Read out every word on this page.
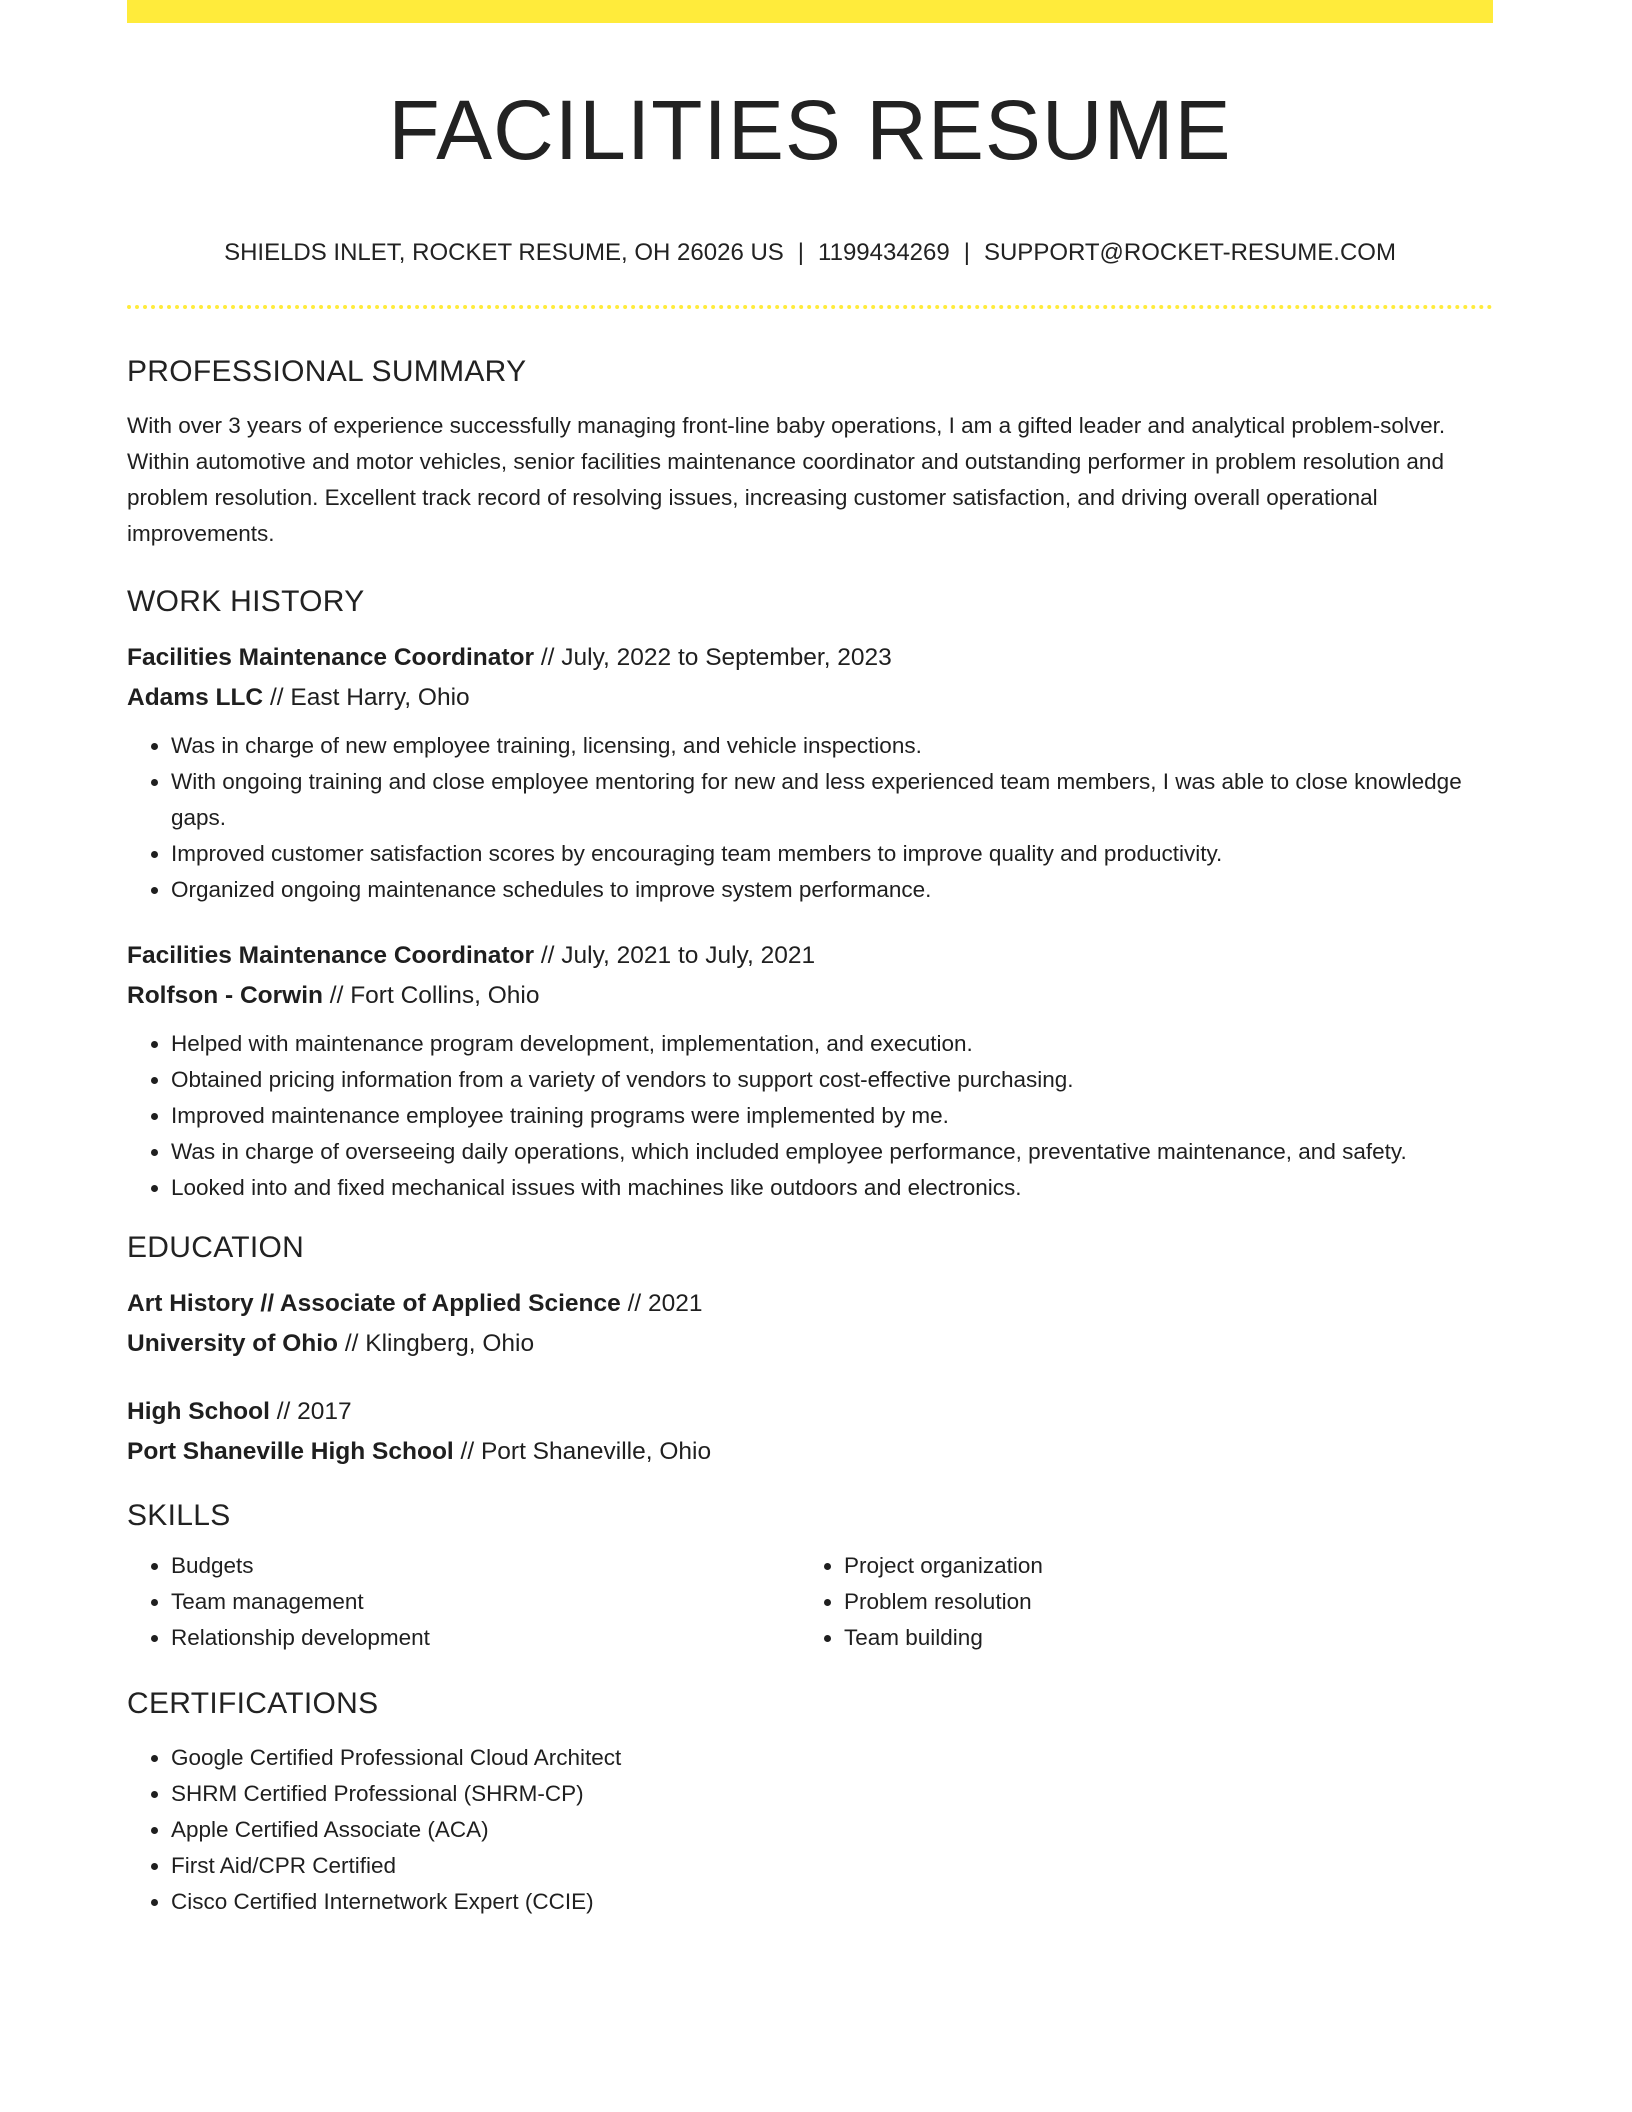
FACILITIES RESUME
SHIELDS INLET, ROCKET RESUME, OH 26026 US | 1199434269 | SUPPORT@ROCKET-RESUME.COM
PROFESSIONAL SUMMARY

With over 3 years of experience successfully managing front-line baby operations, I am a gifted leader and analytical problem-solver. Within automotive and motor vehicles, senior facilities maintenance coordinator and outstanding performer in problem resolution and problem resolution. Excellent track record of resolving issues, increasing customer satisfaction, and driving overall operational improvements.

WORK HISTORY
Facilities Maintenance Coordinator // July, 2022 to September, 2023
Adams LLC // East Harry, Ohio
• Was in charge of new employee training, licensing, and vehicle inspections.
• With ongoing training and close employee mentoring for new and less experienced team members, I was able to close knowledge gaps.
• Improved customer satisfaction scores by encouraging team members to improve quality and productivity.
• Organized ongoing maintenance schedules to improve system performance.
Facilities Maintenance Coordinator // July, 2021 to July, 2021
Rolfson - Corwin // Fort Collins, Ohio
• Helped with maintenance program development, implementation, and execution.
• Obtained pricing information from a variety of vendors to support cost-effective purchasing.
• Improved maintenance employee training programs were implemented by me.
• Was in charge of overseeing daily operations, which included employee performance, preventative maintenance, and safety.
• Looked into and fixed mechanical issues with machines like outdoors and electronics.
EDUCATION
Art History // Associate of Applied Science // 2021
University of Ohio // Klingberg, Ohio
High School // 2017
Port Shaneville High School // Port Shaneville, Ohio
SKILLS
• Budgets
• Team management
• Relationship development
• Project organization
• Problem resolution
• Team building
CERTIFICATIONS
• Google Certified Professional Cloud Architect
• SHRM Certified Professional (SHRM-CP)
• Apple Certified Associate (ACA)
• First Aid/CPR Certified
• Cisco Certified Internetwork Expert (CCIE)
